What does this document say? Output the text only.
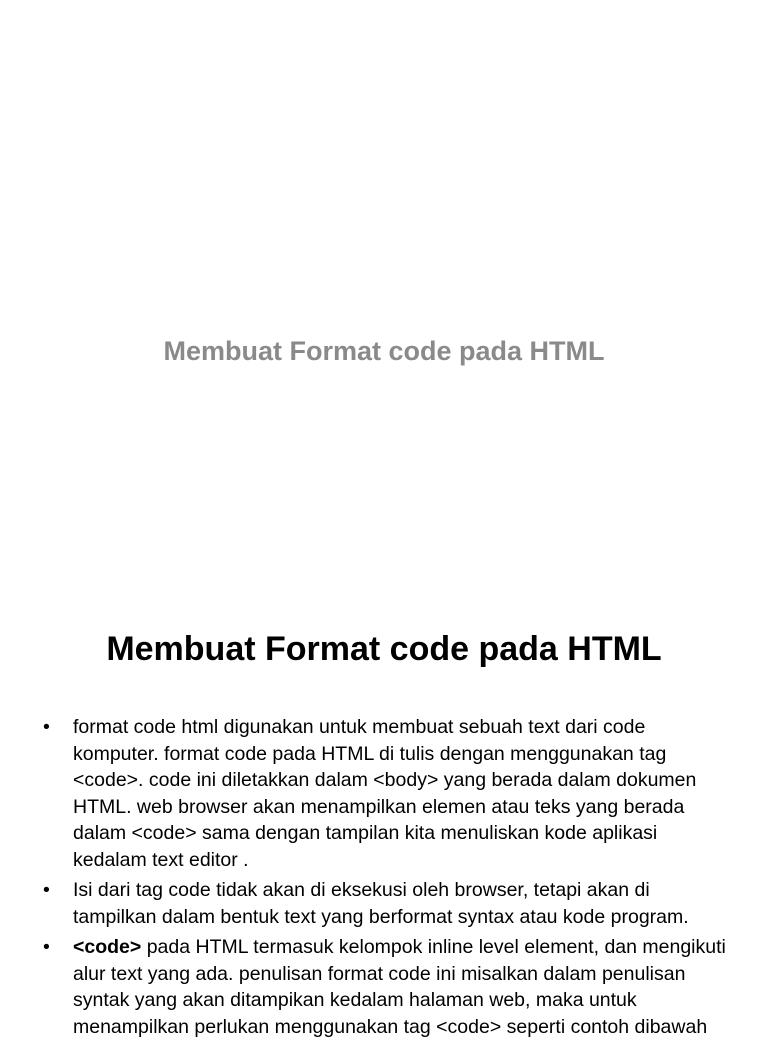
Membuat Format code pada HTML
Membuat Format code pada HTML
• format code html digunakan untuk membuat sebuah text dari code komputer. format code pada HTML di tulis dengan menggunakan tag <code>. code ini diletakkan dalam <body> yang berada dalam dokumen HTML. web browser akan menampilkan elemen atau teks yang berada dalam <code> sama dengan tampilan kita menuliskan kode aplikasi kedalam text editor .
• Isi dari tag code tidak akan di eksekusi oleh browser, tetapi akan di tampilkan dalam bentuk text yang berformat syntax atau kode program.
• <code> pada HTML termasuk kelompok inline level element, dan mengikuti alur text yang ada. penulisan format code ini misalkan dalam penulisan syntak yang akan ditampikan kedalam halaman web, maka untuk menampilkan perlukan menggunakan tag <code> seperti contoh dibawah
